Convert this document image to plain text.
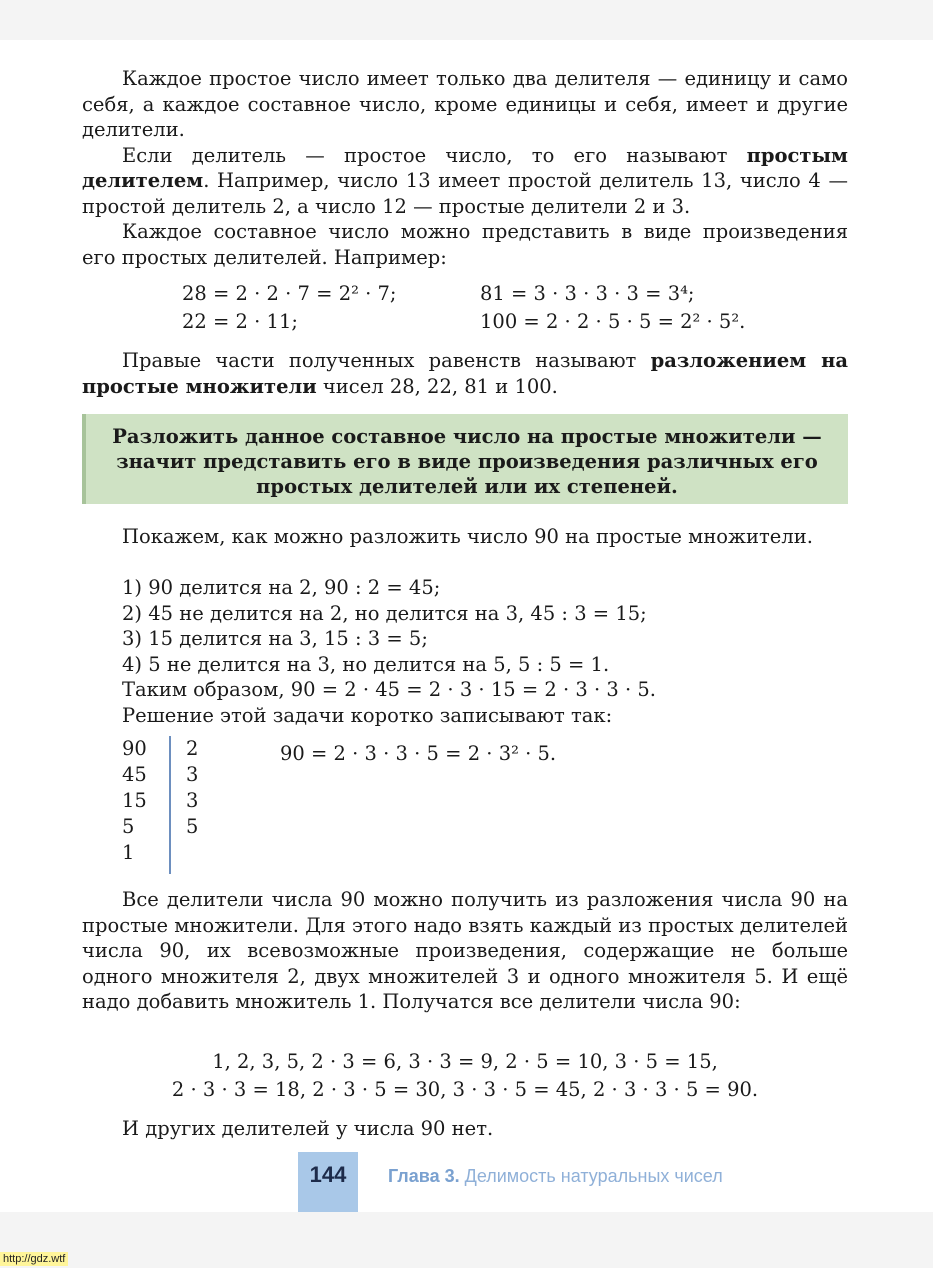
Каждое простое число имеет только два делителя — единицу и само себя, а каждое составное число, кроме единицы и себя, имеет и другие делители.

Если делитель — простое число, то его называют простым делителем. Например, число 13 имеет простой делитель 13, число 4 — простой делитель 2, а число 12 — простые делители 2 и 3.

Каждое составное число можно представить в виде произведения его простых делителей. Например:

28 = 2 · 2 · 7 = 2² · 7;	81 = 3 · 3 · 3 · 3 = 3⁴;
22 = 2 · 11;	100 = 2 · 2 · 5 · 5 = 2² · 5².

Правые части полученных равенств называют разложением на простые множители чисел 28, 22, 81 и 100.

Разложить данное составное число на простые множители — значит представить его в виде произведения различных его простых делителей или их степеней.

Покажем, как можно разложить число 90 на простые множители.

1) 90 делится на 2, 90 : 2 = 45;
2) 45 не делится на 2, но делится на 3, 45 : 3 = 15;
3) 15 делится на 3, 15 : 3 = 5;
4) 5 не делится на 3, но делится на 5, 5 : 5 = 1.
Таким образом, 90 = 2 · 45 = 2 · 3 · 15 = 2 · 3 · 3 · 5.
Решение этой задачи коротко записывают так:
90	2
45	3
15	3
5	5
1
90 = 2 · 3 · 3 · 5 = 2 · 3² · 5.

Все делители числа 90 можно получить из разложения числа 90 на простые множители. Для этого надо взять каждый из простых делителей числа 90, их всевозможные произведения, содержащие не больше одного множителя 2, двух множителей 3 и одного множителя 5. И ещё надо добавить множитель 1. Получатся все делители числа 90:

1, 2, 3, 5, 2 · 3 = 6, 3 · 3 = 9, 2 · 5 = 10, 3 · 5 = 15,
2 · 3 · 3 = 18, 2 · 3 · 5 = 30, 3 · 3 · 5 = 45, 2 · 3 · 3 · 5 = 90.

И других делителей у числа 90 нет.

144	Глава 3. Делимость натуральных чисел
http://gdz.wtf
